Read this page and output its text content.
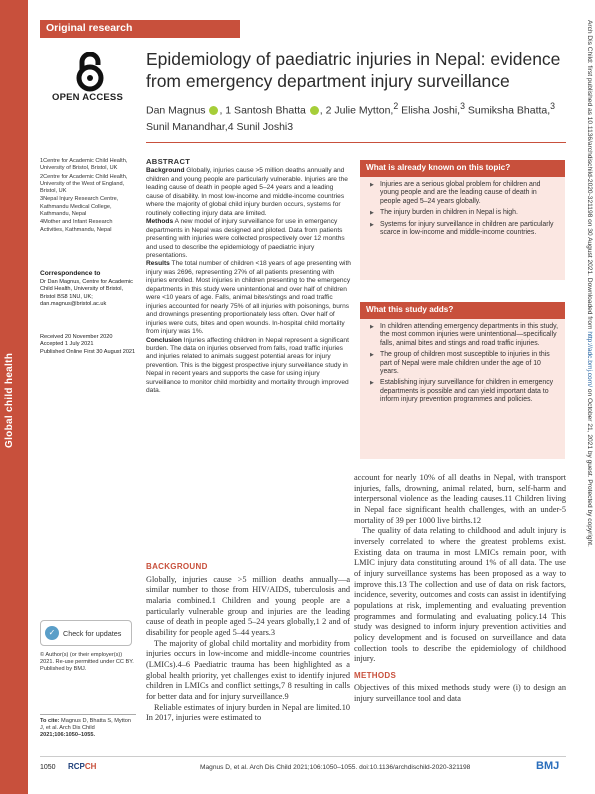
Global child health
Original research	Arch Dis Child: first published as 10.1136/archdischild-2020-321198 on 30 August 2021. Downloaded from http://adc.bmj.com/ on October 21, 2021 by guest. Protected by copyright.
OPEN ACCESS
Epidemiology of paediatric injuries in Nepal: evidence from emergency department injury surveillance
Dan Magnus , 1 Santosh Bhatta , 2 Julie Mytton,$^2$ Elisha Joshi,$^3$ Sumiksha Bhatta,$^3$
Sunil Manandhar,4 Sunil Joshi3

1Centre for Academic Child Health, University of Bristol, Bristol, UK

2Centre for Academic Child Health, University of the West of England, Bristol, UK

3Nepal Injury Research Centre, Kathmandu Medical College, Kathmandu, Nepal

4Mother and Infant Research Activities, Kathmandu, Nepal

Correspondence to
Dr Dan Magnus, Centre for Academic Child Health, University of Bristol, Bristol BS8 1NU, UK; dan.magnus@bristol.ac.uk
Received 20 November 2020
Accepted 1 July 2021
Published Online First 30 August 2021
✓	Check for updates
© Author(s) (or their employer(s)) 2021. Re-use permitted under CC BY. Published by BMJ.
To cite: Magnus D, Bhatta S, Mytton J, et al. Arch Dis Child 2021;106:1050–1055.
ABSTRACT

Background Globally, injuries cause >5 million deaths annually and children and young people are particularly vulnerable. Injuries are the leading cause of death in people aged 5–24 years and a leading cause of disability. In most low-income and middle-income countries where the majority of global child injury burden occurs, systems for routinely collecting injury data are limited.

Methods A new model of injury surveillance for use in emergency departments in Nepal was designed and piloted. Data from patients presenting with injuries were collected prospectively over 12 months and used to describe the epidemiology of paediatric injury presentations.

Results The total number of children <18 years of age presenting with injury was 2696, representing 27% of all patients presenting with injuries enrolled. Most injuries in children presenting to the emergency departments in this study were unintentional and over half of children were <10 years of age. Falls, animal bites/stings and road traffic injuries accounted for nearly 75% of all injuries with poisonings, burns and drownings presenting proportionately less often. Over half of injuries were cuts, bites and open wounds. In-hospital child mortality from injury was 1%.

Conclusion Injuries affecting children in Nepal represent a significant burden. The data on injuries observed from falls, road traffic injuries and injuries related to animals suggest potential areas for injury prevention. This is the biggest prospective injury surveillance study in Nepal in recent years and supports the case for using injury surveillance to monitor child morbidity and mortality through improved data.

What is already known on this topic?
▶ Injuries are a serious global problem for children and young people and are the leading cause of death in people aged 5–24 years globally.
▶ The injury burden in children in Nepal is high.
▶ Systems for injury surveillance in children are particularly scarce in low-income and middle-income countries.
What this study adds?
▶ In children attending emergency departments in this study, the most common injuries were unintentional—specifically falls, animal bites and stings and road traffic injuries.
▶ The group of children most susceptible to injuries in this part of Nepal were male children under the age of 10 years.
▶ Establishing injury surveillance for children in emergency departments is possible and can yield important data to inform injury prevention programmes and policies.
BACKGROUND

Globally, injuries cause >5 million deaths annually—a similar number to those from HIV/AIDS, tuberculosis and malaria combined.1 Children and young people are a particularly vulnerable group and injuries are the leading cause of death in people aged 5–24 years globally,1 2 and of disability for people aged 5–44 years.3

The majority of global child mortality and morbidity from injuries occurs in low-income and middle-income countries (LMICs).4–6 Paediatric trauma has been highlighted as a global health priority, yet challenges exist to identify injured children in LMICs and conflict settings,7 8 resulting in calls for better data and for injury surveillance.9

Reliable estimates of injury burden in Nepal are limited.10 In 2017, injuries were estimated to

account for nearly 10% of all deaths in Nepal, with transport injuries, falls, drowning, animal related, burn, self-harm and interpersonal violence as the leading causes.11 Children living in Nepal face significant health challenges, with an under-5 mortality of 39 per 1000 live births.12

The quality of data relating to childhood and adult injury is inversely correlated to where the greatest problems exist. Existing data on trauma in most LMICs remain poor, with LMIC injury data constituting around 1% of all data. The use of injury surveillance systems has been proposed as a way to improve this.13 The collection and use of data on risk factors, incidence, severity, outcomes and costs can assist in identifying populations at risk, implementing and evaluating prevention programmes and formulating and evaluating policy.14 This study was designed to inform injury prevention activities and policy development and is focused on surveillance and data collection tools to describe the epidemiology of childhood injury.

METHODS

Objectives of this mixed methods study were (i) to design an injury surveillance tool and data

1050 RCPCH	Magnus D, et al. Arch Dis Child 2021;106:1050–1055. doi:10.1136/archdischild-2020-321198	BMJ
